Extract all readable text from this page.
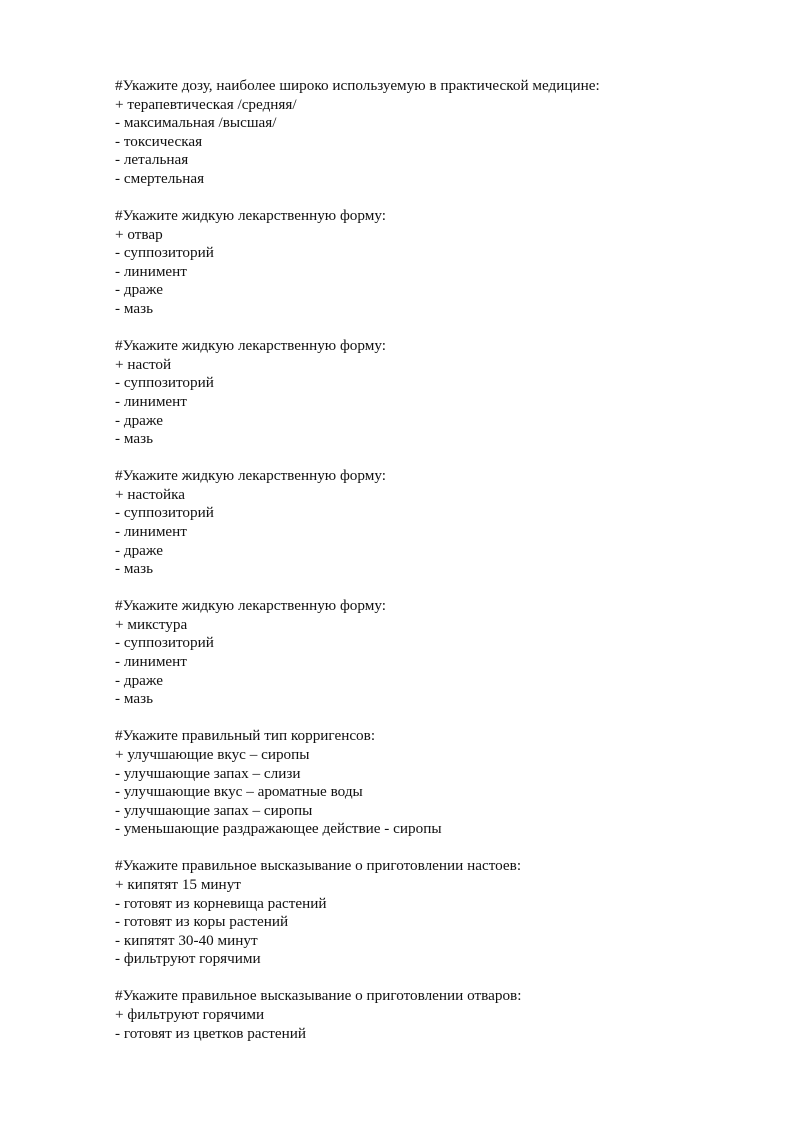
#Укажите дозу, наиболее широко используемую в практической медицине:
+ терапевтическая /средняя/
- максимальная /высшая/
- токсическая
- летальная
- смертельная
#Укажите жидкую лекарственную форму:
+ отвар
- суппозиторий
- линимент
- драже
- мазь
#Укажите жидкую лекарственную форму:
+ настой
- суппозиторий
- линимент
- драже
- мазь
#Укажите жидкую лекарственную форму:
+ настойка
- суппозиторий
- линимент
- драже
- мазь
#Укажите жидкую лекарственную форму:
+ микстура
- суппозиторий
- линимент
- драже
- мазь
#Укажите правильный тип корригенсов:
+ улучшающие вкус – сиропы
- улучшающие запах – слизи
- улучшающие вкус – ароматные воды
- улучшающие запах – сиропы
- уменьшающие раздражающее действие - сиропы
#Укажите правильное высказывание о приготовлении настоев:
+ кипятят 15 минут
- готовят из корневища растений
- готовят из коры растений
- кипятят 30-40 минут
- фильтруют горячими
#Укажите правильное высказывание о приготовлении отваров:
+ фильтруют горячими
- готовят из цветков растений
